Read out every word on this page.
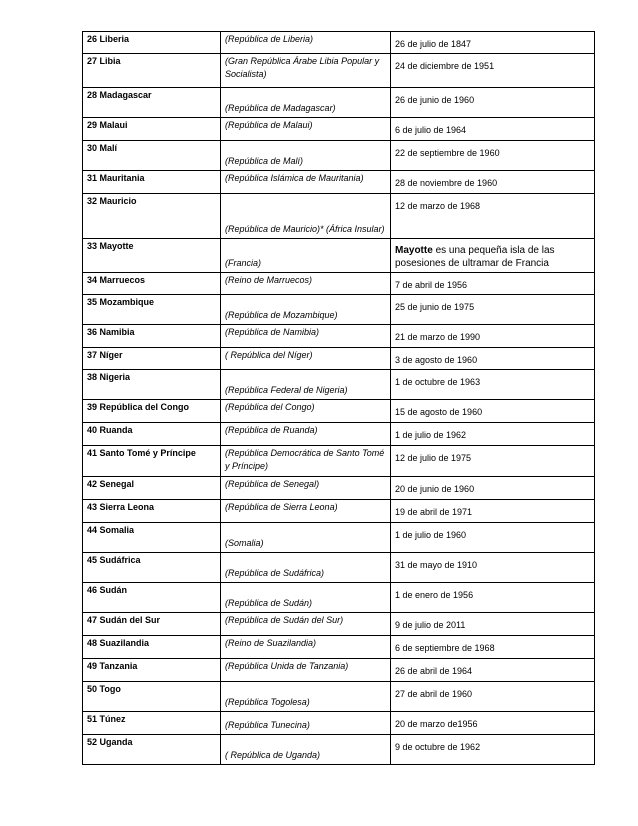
26 Liberia	(República de Liberia)	26 de julio de 1847

27 Libia	(Gran República Árabe Libia Popular y Socialista)	24 de diciembre de 1951

28 Madagascar	(República de Madagascar)	26 de junio de 1960

29 Malaui	(República de Malaui)	6 de julio de 1964

30 Malí	(República de Malí)	22 de septiembre de 1960

31 Mauritania	(República Islámica de Mauritania)	28 de noviembre de 1960

32 Mauricio	(República de Mauricio)* (África Insular)	12 de marzo de 1968

33 Mayotte	(Francia)	Mayotte es una pequeña isla de las posesiones de ultramar de Francia
34 Marruecos	(Reino de Marruecos)	7 de abril de 1956

35 Mozambique	(República de Mozambique)	25 de junio de 1975

36 Namibia	(República de Namibia)	21 de marzo de 1990

37 Níger	( República del Níger)	3 de agosto de 1960

38 Nigeria	(República Federal de Nigeria)	1 de octubre de 1963

39 República del Congo	(República del Congo)	15 de agosto de 1960

40 Ruanda	(República de Ruanda)	1 de julio de 1962

41 Santo Tomé y Príncipe	(República Democrática de Santo Tomé y Príncipe)	12 de julio de 1975

42 Senegal	(República de Senegal)	20 de junio de 1960

43 Sierra Leona	(República de Sierra Leona)	19 de abril de 1971

44 Somalia	(Somalia)	1 de julio de 1960

45 Sudáfrica	(República de Sudáfrica)	31 de mayo de 1910

46 Sudán	(República de Sudán)	1 de enero de 1956

47 Sudán del Sur	(República de Sudán del Sur)	9 de julio de 2011

48 Suazilandia	(Reino de Suazilandia)	6 de septiembre de 1968

49 Tanzania	(República Unida de Tanzania)	26 de abril de 1964

50 Togo	(República Togolesa)	27 de abril de 1960

51 Túnez	(República Tunecina)	20 de marzo de1956

52 Uganda	( República de Uganda)	9 de octubre de 1962
